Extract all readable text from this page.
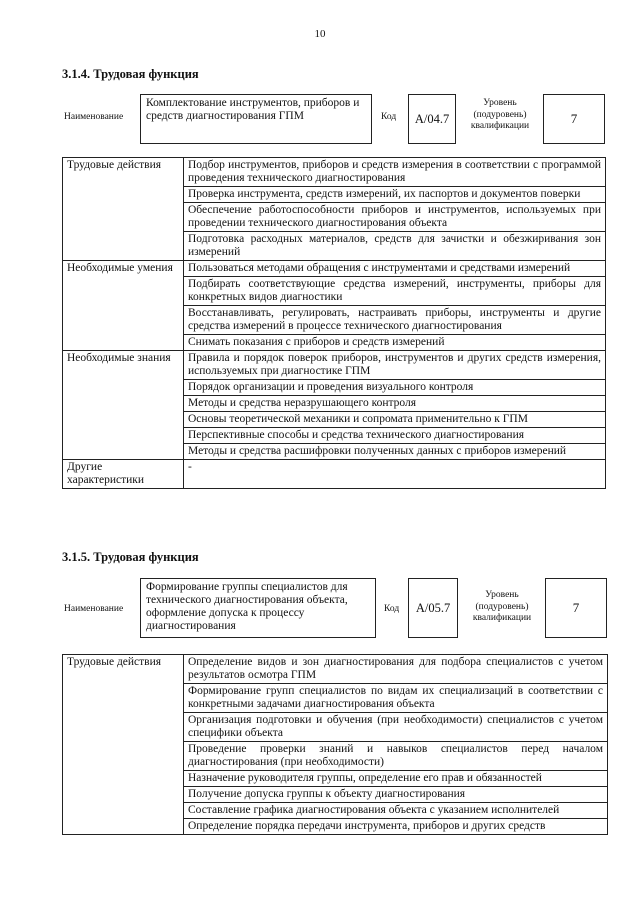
10
3.1.4. Трудовая функция
Наименование
Комплектование инструментов, приборов и средств диагностирования ГПМ	Код A/04.7
Уровень (подуровень) квалификации	7
Трудовые действия	Подбор инструментов, приборов и средств измерения в соответствии с программой проведения технического диагностирования
	Проверка инструмента, средств измерений, их паспортов и документов поверки
	Обеспечение работоспособности приборов и инструментов, используемых при проведении технического диагностирования объекта
	Подготовка расходных материалов, средств для зачистки и обезжиривания зон измерений
Необходимые умения	Пользоваться методами обращения с инструментами и средствами измерений
	Подбирать соответствующие средства измерений, инструменты, приборы для конкретных видов диагностики
	Восстанавливать, регулировать, настраивать приборы, инструменты и другие средства измерений в процессе технического диагностирования
	Снимать показания с приборов и средств измерений
Необходимые знания	Правила и порядок поверок приборов, инструментов и других средств измерения, используемых при диагностике ГПМ
	Порядок организации и проведения визуального контроля
	Методы и средства неразрушающего контроля
	Основы теоретической механики и сопромата применительно к ГПМ
	Перспективные способы и средства технического диагностирования
	Методы и средства расшифровки полученных данных с приборов измерений
Другие характеристики	-
3.1.5. Трудовая функция
Наименование
Формирование группы специалистов для технического диагностирования объекта, оформление допуска к процессу диагностирования
Код A/05.7
Уровень (подуровень) квалификации
7
Трудовые действия	Определение видов и зон диагностирования для подбора специалистов с учетом результатов осмотра ГПМ
Формирование групп специалистов по видам их специализаций в соответствии с конкретными задачами диагностирования объекта
Организация подготовки и обучения (при необходимости) специалистов с учетом специфики объекта
Проведение проверки знаний и навыков специалистов перед началом диагностирования (при необходимости)
Назначение руководителя группы, определение его прав и обязанностей
Получение допуска группы к объекту диагностирования
Составление графика диагностирования объекта с указанием исполнителей
Определение порядка передачи инструмента, приборов и других средств
